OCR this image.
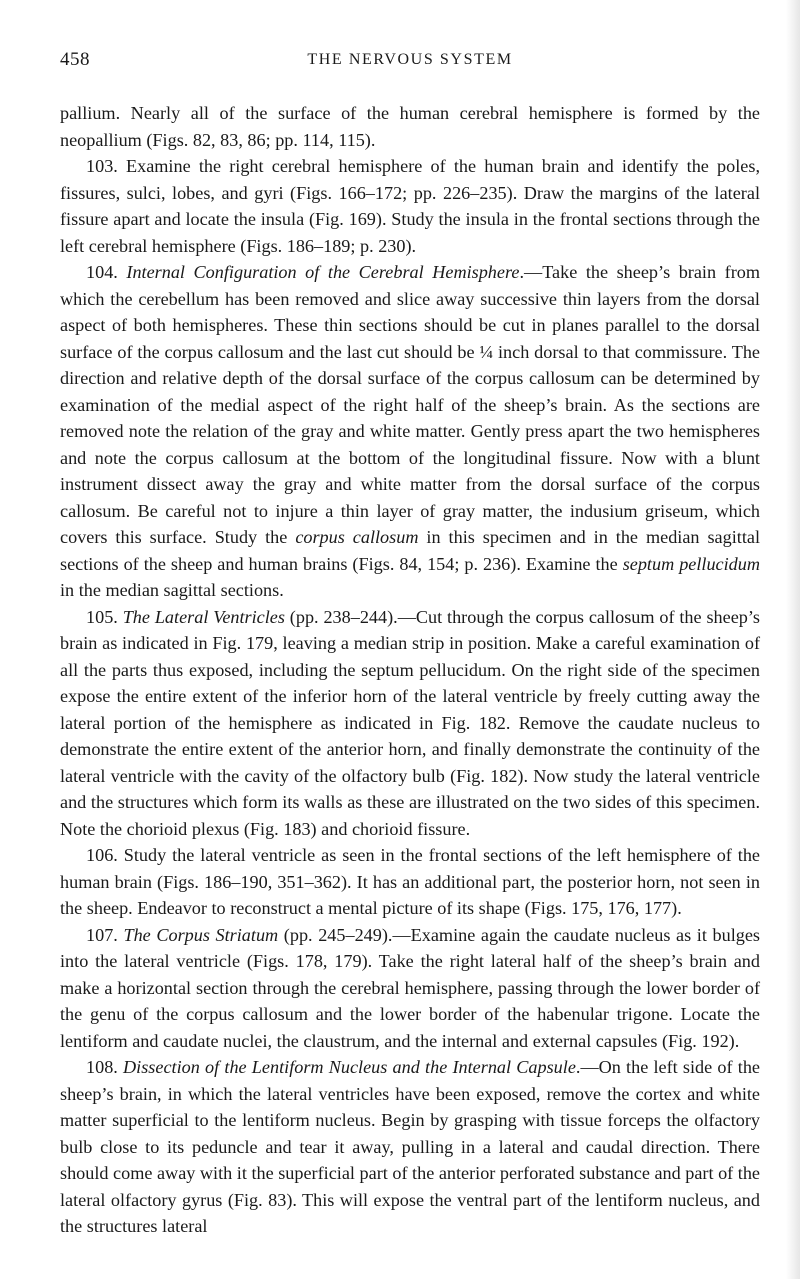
458	THE NERVOUS SYSTEM

pallium. Nearly all of the surface of the human cerebral hemisphere is formed by the neopallium (Figs. 82, 83, 86; pp. 114, 115).

103. Examine the right cerebral hemisphere of the human brain and identify the poles, fissures, sulci, lobes, and gyri (Figs. 166–172; pp. 226–235). Draw the margins of the lateral fissure apart and locate the insula (Fig. 169). Study the insula in the frontal sections through the left cerebral hemisphere (Figs. 186–189; p. 230).

104. Internal Configuration of the Cerebral Hemisphere.—Take the sheep’s brain from which the cerebellum has been removed and slice away successive thin layers from the dorsal aspect of both hemispheres. These thin sections should be cut in planes parallel to the dorsal surface of the corpus callosum and the last cut should be ¼ inch dorsal to that commissure. The direction and relative depth of the dorsal surface of the corpus callosum can be determined by examination of the medial aspect of the right half of the sheep’s brain. As the sections are removed note the relation of the gray and white matter. Gently press apart the two hemispheres and note the corpus callosum at the bottom of the longitudinal fissure. Now with a blunt instrument dissect away the gray and white matter from the dorsal surface of the corpus callosum. Be careful not to injure a thin layer of gray matter, the indusium griseum, which covers this surface. Study the corpus callosum in this specimen and in the median sagittal sections of the sheep and human brains (Figs. 84, 154; p. 236). Examine the septum pellucidum in the median sagittal sections.

105. The Lateral Ventricles (pp. 238–244).—Cut through the corpus callosum of the sheep’s brain as indicated in Fig. 179, leaving a median strip in position. Make a careful examination of all the parts thus exposed, including the septum pellucidum. On the right side of the specimen expose the entire extent of the inferior horn of the lateral ventricle by freely cutting away the lateral portion of the hemisphere as indicated in Fig. 182. Remove the caudate nucleus to demonstrate the entire extent of the anterior horn, and finally demonstrate the continuity of the lateral ventricle with the cavity of the olfactory bulb (Fig. 182). Now study the lateral ventricle and the structures which form its walls as these are illustrated on the two sides of this specimen. Note the chorioid plexus (Fig. 183) and chorioid fissure.

106. Study the lateral ventricle as seen in the frontal sections of the left hemisphere of the human brain (Figs. 186–190, 351–362). It has an additional part, the posterior horn, not seen in the sheep. Endeavor to reconstruct a mental picture of its shape (Figs. 175, 176, 177).

107. The Corpus Striatum (pp. 245–249).—Examine again the caudate nucleus as it bulges into the lateral ventricle (Figs. 178, 179). Take the right lateral half of the sheep’s brain and make a horizontal section through the cerebral hemisphere, passing through the lower border of the genu of the corpus callosum and the lower border of the habenular trigone. Locate the lentiform and caudate nuclei, the claustrum, and the internal and external capsules (Fig. 192).

108. Dissection of the Lentiform Nucleus and the Internal Capsule.—On the left side of the sheep’s brain, in which the lateral ventricles have been exposed, remove the cortex and white matter superficial to the lentiform nucleus. Begin by grasping with tissue forceps the olfactory bulb close to its peduncle and tear it away, pulling in a lateral and caudal direction. There should come away with it the superficial part of the anterior perforated substance and part of the lateral olfactory gyrus (Fig. 83). This will expose the ventral part of the lentiform nucleus, and the structures lateral
